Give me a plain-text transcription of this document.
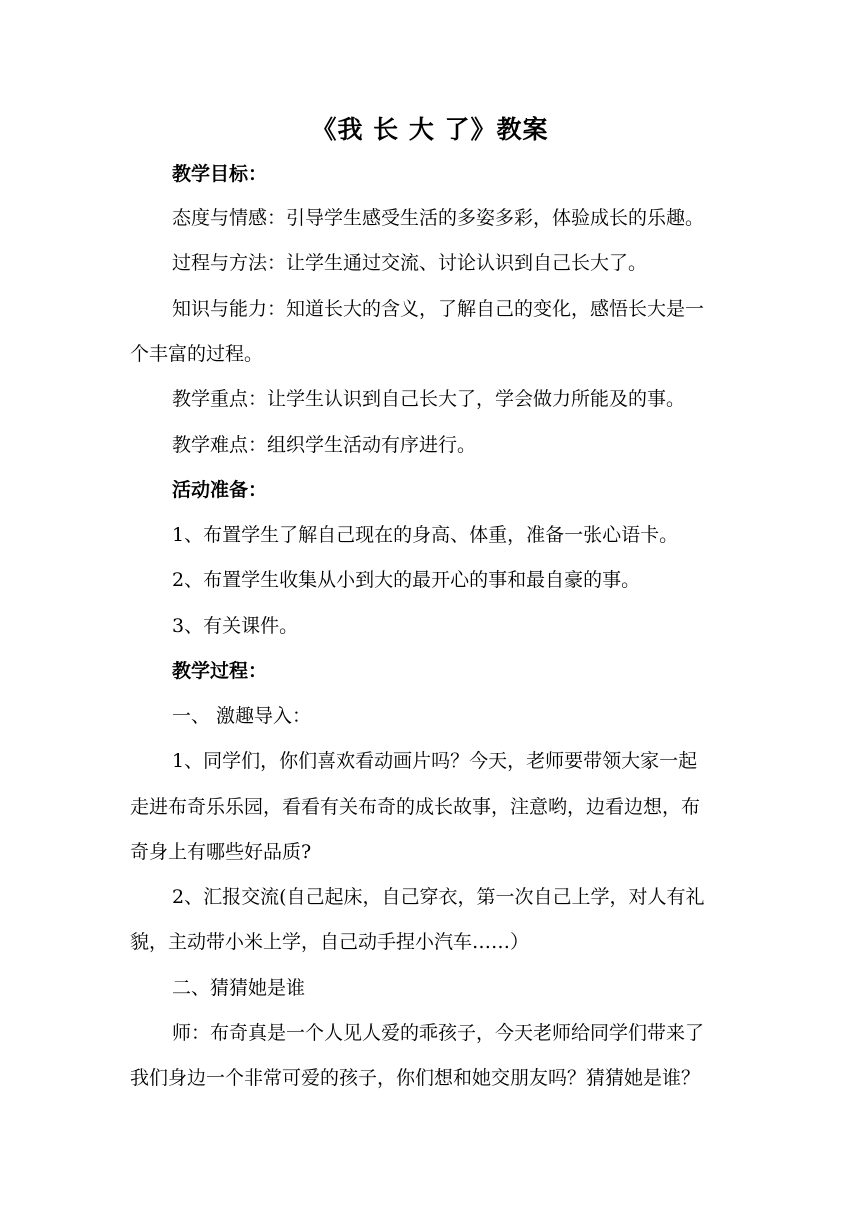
《我 长 大 了》教案
教学目标：
态度与情感：引导学生感受生活的多姿多彩，体验成长的乐趣。
过程与方法：让学生通过交流、讨论认识到自己长大了。
知识与能力：知道长大的含义，了解自己的变化，感悟长大是一
个丰富的过程。
教学重点：让学生认识到自己长大了，学会做力所能及的事。
教学难点：组织学生活动有序进行。
活动准备：
1、布置学生了解自己现在的身高、体重，准备一张心语卡。
2、布置学生收集从小到大的最开心的事和最自豪的事。
3、有关课件。
教学过程：
一、 激趣导入：
1、同学们，你们喜欢看动画片吗？今天，老师要带领大家一起
走进布奇乐乐园，看看有关布奇的成长故事，注意哟，边看边想，布
奇身上有哪些好品质?
2、汇报交流(自己起床，自己穿衣，第一次自己上学，对人有礼
貌，主动带小米上学，自己动手捏小汽车……）
二、猜猜她是谁
师：布奇真是一个人见人爱的乖孩子，今天老师给同学们带来了
我们身边一个非常可爱的孩子，你们想和她交朋友吗？猜猜她是谁？
